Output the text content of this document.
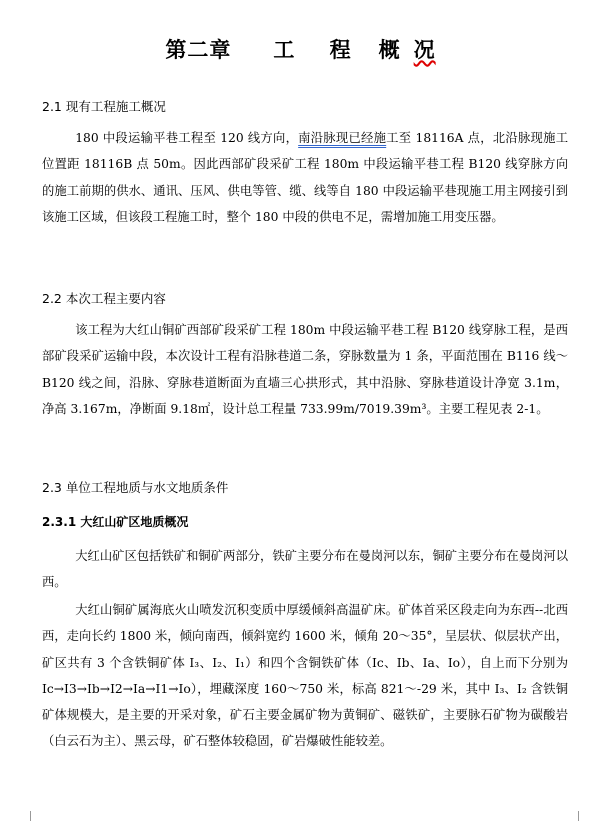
第二章 工 程 概况
2.1 现有工程施工概况
180 中段运输平巷工程至 120 线方向，南沿脉现已经施工至 18116A 点，北沿脉现施工位置距 18116B 点 50m。因此西部矿段采矿工程 180m 中段运输平巷工程 B120 线穿脉方向的施工前期的供水、通讯、压风、供电等管、缆、线等自 180 中段运输平巷现施工用主网接引到该施工区域，但该段工程施工时，整个 180 中段的供电不足，需增加施工用变压器。
2.2 本次工程主要内容
该工程为大红山铜矿西部矿段采矿工程 180m 中段运输平巷工程 B120 线穿脉工程，是西部矿段采矿运输中段，本次设计工程有沿脉巷道二条，穿脉数量为 1 条，平面范围在 B116 线～B120 线之间，沿脉、穿脉巷道断面为直墙三心拱形式，其中沿脉、穿脉巷道设计净宽 3.1m，净高 3.167m，净断面 9.18㎡，设计总工程量 733.99m/7019.39m³。主要工程见表 2-1。
2.3 单位工程地质与水文地质条件
2.3.1 大红山矿区地质概况
大红山矿区包括铁矿和铜矿两部分，铁矿主要分布在曼岗河以东，铜矿主要分布在曼岗河以西。
大红山铜矿属海底火山喷发沉积变质中厚缓倾斜高温矿床。矿体首采区段走向为东西--北西西，走向长约 1800 米，倾向南西，倾斜宽约 1600 米，倾角 20～35°，呈层状、似层状产出，矿区共有 3 个含铁铜矿体 I₃、I₂、I₁）和四个含铜铁矿体（Ic、Ib、Ia、Io），自上而下分别为 Ic→I3→Ib→I2→Ia→I1→Io），埋藏深度 160～750 米，标高 821～-29 米，其中 I₃、I₂ 含铁铜矿体规模大，是主要的开采对象，矿石主要金属矿物为黄铜矿、磁铁矿，主要脉石矿物为碳酸岩（白云石为主）、黑云母，矿石整体较稳固，矿岩爆破性能较差。
